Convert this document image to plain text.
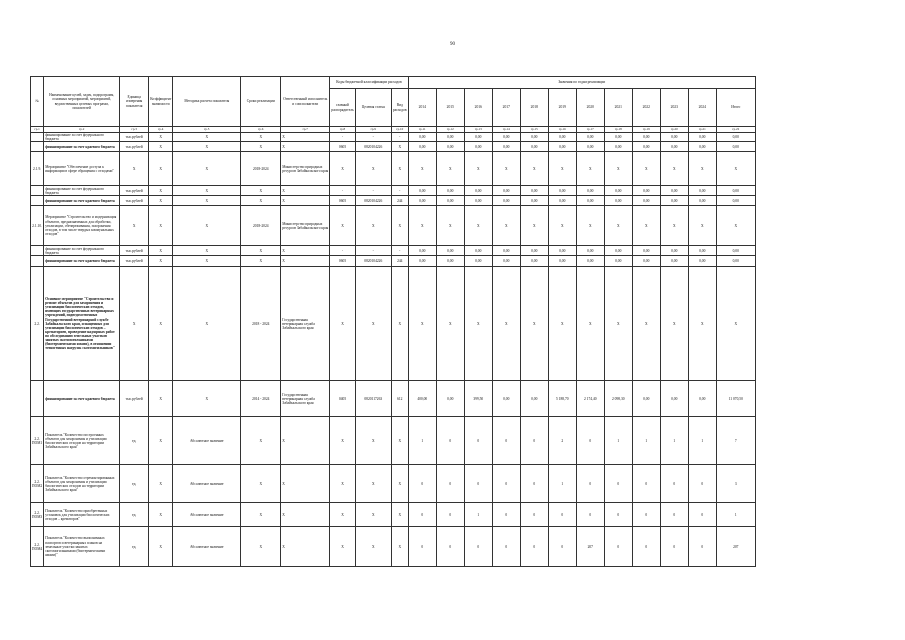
90
№	Наименование целей, задач, подпрограмм, основных мероприятий, мероприятий, ведомственных целевых программ, показателей	Единица измерения показателя	Коэффициент значимости	Методика расчета показателя	Сроки реализации	Ответственный исполнитель и соисполнители	Коды бюджетной классификации расходов			Значения по годам реализации											
							главный распорядитель	Целевая статья	Вид расходов	2014	2015	2016	2017	2018	2019	2020	2021	2022	2023	2024	Итого
гр.1	гр.2	гр.3	гр.4	гр.5	гр.6	гр.7	гр.8	гр.9	гр.10	гр.11	гр.12	гр.13	гр.14	гр.15	гр.16	гр.17	гр.18	гр.19	гр.20	гр.21	гр.22
	финансирование за счет федерального бюджета	тыс.рублей	Х	Х	Х	Х	-	-	-	0,00	0,00	0,00	0,00	0,00	0,00	0,00	0,00	0,00	0,00	0,00	0,00
	финансирование за счет краевого бюджета	тыс.рублей	Х	Х	Х	Х	0605	0820104226	Х	0,00	0,00	0,00	0,00	0,00	0,00	0,00	0,00	0,00	0,00	0,00	0,00
2.1.9.	Мероприятие "Обеспечение доступа к информации в сфере обращения с отходами"	Х	Х	Х	2018-2024	Министерство природных ресурсов Забайкальского края	Х	Х	Х	Х	Х	Х	Х	Х	Х	Х	Х	Х	Х	Х	Х
	финансирование за счет федерального бюджета	тыс.рублей	Х	Х	Х	Х	-	-	-	0,00	0,00	0,00	0,00	0,00	0,00	0,00	0,00	0,00	0,00	0,00	0,00
	финансирование за счет краевого бюджета	тыс.рублей	Х	Х	Х	Х	0605	0820104226	244	0,00	0,00	0,00	0,00	0,00	0,00	0,00	0,00	0,00	0,00	0,00	0,00
2.1.10.	Мероприятие "Строительство и модернизация объектов, предназначенных для обработки, утилизации, обезвреживания, захоронения отходов, в том числе твердых коммунальных отходов"	Х	Х	Х	2018-2024	Министерство природных ресурсов Забайкальского края	Х	Х	Х	Х	Х	Х	Х	Х	Х	Х	Х	Х	Х	Х	Х
	финансирование за счет федерального бюджета	тыс.рублей	Х	Х	Х	Х	-	-	-	0,00	0,00	0,00	0,00	0,00	0,00	0,00	0,00	0,00	0,00	0,00	0,00
	финансирование за счет краевого бюджета	тыс.рублей	Х	Х	Х	Х	0605	0820104226	244	0,00	0,00	0,00	0,00	0,00	0,00	0,00	0,00	0,00	0,00	0,00	0,00
2.2.	Основное мероприятие "Строительство и ремонт объектов для захоронения и утилизации биологических отходов, имеющих государственных ветеринарных учреждений, подведомственных Государственной ветеринарной службе Забайкальского края, оснащенных для утилизации биологических отходов – крематориев, проведение надзорных работ по обследованию земельных участков занятых скотомогильниками (биотермическими ямами), в отношении техногенных нагрузок скотомогильников"	Х	Х	Х	2018 - 2024	Государственная ветеринарная служба Забайкальского края	Х	Х	Х	Х	Х	Х	Х	Х	Х	Х	Х	Х	Х	Х	Х
	финансирование за счет краевого бюджета	тыс.рублей	Х	Х	2014 - 2024	Государственная ветеринарная служба Забайкальского края	0405	0820117263	612	400,00	0,00	399,50	0,00	0,00	5 188,70	2 174,40	2 098,30	0,00	0,00	0,00	11 070,50
2.2. ПОМ1	Показатель "Количество построенных объектов для захоронения и утилизации биологических отходов на территории Забайкальского края"	ед.	Х	Абсолютное значение	Х	Х	Х	Х	Х	1	0	0	0	0	2	0	1	1	1	1	7
2.2. ПОМ2	Показатель "Количество отремонтированных объектов для захоронения и утилизации биологических отходов на территории Забайкальского края"	ед.	Х	Абсолютное значение	Х	Х	Х	Х	Х	0	0	0	0	0	1	0	0	0	0	0	3
2.2. ПОМ3	Показатель "Количество приобретенных установок для утилизации биологических отходов – крематоров"	ед.	Х	Абсолютное значение	Х	Х	Х	Х	Х	0	0	1	0	0	0	0	0	0	0	0	1
2.2. ПОМ4	Показатель "Количество выполненных паспортов и ветеринарных планов на земельные участки занятых скотомогильниками (биотермическими ямами)"	ед.	Х	Абсолютное значение	Х	Х	Х	Х	Х	0	0	0	0	0	0	207	0	0	0	0	207
